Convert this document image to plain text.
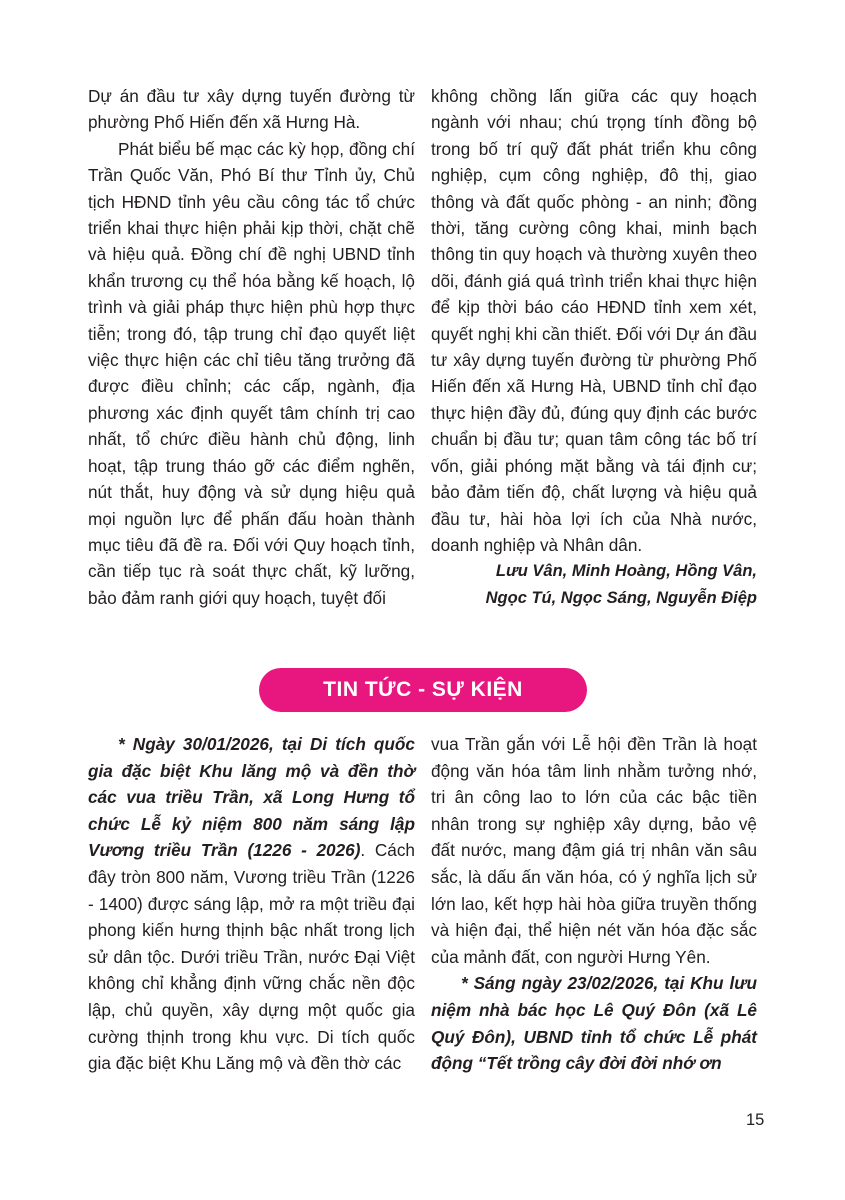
Dự án đầu tư xây dựng tuyến đường từ phường Phố Hiến đến xã Hưng Hà.

Phát biểu bế mạc các kỳ họp, đồng chí Trần Quốc Văn, Phó Bí thư Tỉnh ủy, Chủ tịch HĐND tỉnh yêu cầu công tác tổ chức triển khai thực hiện phải kịp thời, chặt chẽ và hiệu quả. Đồng chí đề nghị UBND tỉnh khẩn trương cụ thể hóa bằng kế hoạch, lộ trình và giải pháp thực hiện phù hợp thực tiễn; trong đó, tập trung chỉ đạo quyết liệt việc thực hiện các chỉ tiêu tăng trưởng đã được điều chỉnh; các cấp, ngành, địa phương xác định quyết tâm chính trị cao nhất, tổ chức điều hành chủ động, linh hoạt, tập trung tháo gỡ các điểm nghẽn, nút thắt, huy động và sử dụng hiệu quả mọi nguồn lực để phấn đấu hoàn thành mục tiêu đã đề ra. Đối với Quy hoạch tỉnh, cần tiếp tục rà soát thực chất, kỹ lưỡng, bảo đảm ranh giới quy hoạch, tuyệt đối

không chồng lấn giữa các quy hoạch ngành với nhau; chú trọng tính đồng bộ trong bố trí quỹ đất phát triển khu công nghiệp, cụm công nghiệp, đô thị, giao thông và đất quốc phòng - an ninh; đồng thời, tăng cường công khai, minh bạch thông tin quy hoạch và thường xuyên theo dõi, đánh giá quá trình triển khai thực hiện để kịp thời báo cáo HĐND tỉnh xem xét, quyết nghị khi cần thiết. Đối với Dự án đầu tư xây dựng tuyến đường từ phường Phố Hiến đến xã Hưng Hà, UBND tỉnh chỉ đạo thực hiện đầy đủ, đúng quy định các bước chuẩn bị đầu tư; quan tâm công tác bố trí vốn, giải phóng mặt bằng và tái định cư; bảo đảm tiến độ, chất lượng và hiệu quả đầu tư, hài hòa lợi ích của Nhà nước, doanh nghiệp và Nhân dân.

Lưu Vân, Minh Hoàng, Hồng Vân,
Ngọc Tú, Ngọc Sáng, Nguyễn Điệp

TIN TỨC - SỰ KIỆN

* Ngày 30/01/2026, tại Di tích quốc gia đặc biệt Khu lăng mộ và đền thờ các vua triều Trần, xã Long Hưng tổ chức Lễ kỷ niệm 800 năm sáng lập Vương triều Trần (1226 - 2026). Cách đây tròn 800 năm, Vương triều Trần (1226 - 1400) được sáng lập, mở ra một triều đại phong kiến hưng thịnh bậc nhất trong lịch sử dân tộc. Dưới triều Trần, nước Đại Việt không chỉ khẳng định vững chắc nền độc lập, chủ quyền, xây dựng một quốc gia cường thịnh trong khu vực. Di tích quốc gia đặc biệt Khu Lăng mộ và đền thờ các

vua Trần gắn với Lễ hội đền Trần là hoạt động văn hóa tâm linh nhằm tưởng nhớ, tri ân công lao to lớn của các bậc tiền nhân trong sự nghiệp xây dựng, bảo vệ đất nước, mang đậm giá trị nhân văn sâu sắc, là dấu ấn văn hóa, có ý nghĩa lịch sử lớn lao, kết hợp hài hòa giữa truyền thống và hiện đại, thể hiện nét văn hóa đặc sắc của mảnh đất, con người Hưng Yên.

* Sáng ngày 23/02/2026, tại Khu lưu niệm nhà bác học Lê Quý Đôn (xã Lê Quý Đôn), UBND tỉnh tổ chức Lễ phát động “Tết trồng cây đời đời nhớ ơn

15
